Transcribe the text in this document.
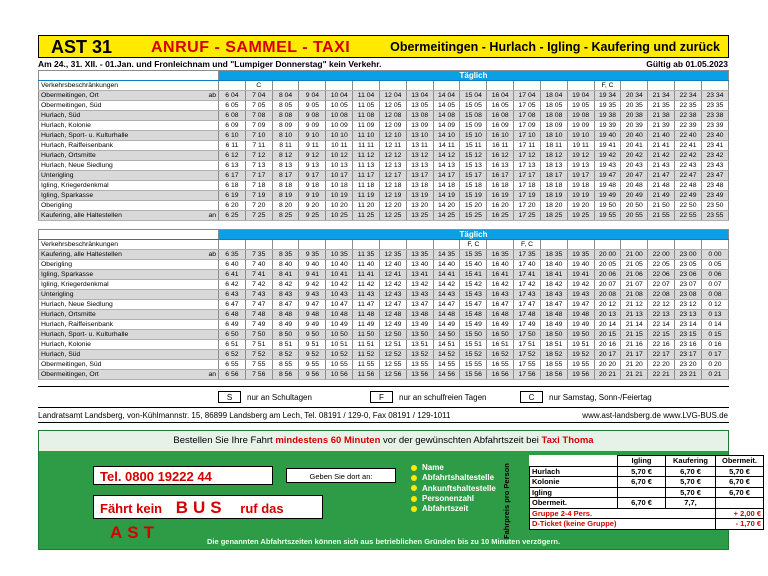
AST 31 ANRUF - SAMMEL - TAXI	Obermeitingen - Hurlach - Igling - Kaufering und zurück
Am 24., 31. XII. - 01.Jan. und Fronleichnam und "Lumpiger Donnerstag" kein Verkehr.	Gültig ab 01.05.2023
		Täglich																		
Verkehrsbeschränkungen			C													F, C				
Obermeitingen, Ort	ab	6 04	7 04	8 04	9 04	10 04	11 04	12 04	13 04	14 04	15 04	16 04	17 04	18 04	19 04	19 34	20 34	21 34	22 34	23 34
Obermeitingen, Süd		6 05	7 05	8 05	9 05	10 05	11 05	12 05	13 05	14 05	15 05	16 05	17 05	18 05	19 05	19 35	20 35	21 35	22 35	23 35
Hurlach, Süd		6 08	7 08	8 08	9 08	10 08	11 08	12 08	13 08	14 08	15 08	16 08	17 08	18 08	19 08	19 38	20 38	21 38	22 38	23 38
Hurlach, Kolonie		6 09	7 09	8 09	9 09	10 09	11 09	12 09	13 09	14 09	15 09	16 09	17 09	18 09	19 09	19 39	20 39	21 39	22 39	23 39
Hurlach, Sport- u. Kulturhalle		6 10	7 10	8 10	9 10	10 10	11 10	12 10	13 10	14 10	15 10	16 10	17 10	18 10	19 10	19 40	20 40	21 40	22 40	23 40
Hurlach, Raiffeisenbank		6 11	7 11	8 11	9 11	10 11	11 11	12 11	13 11	14 11	15 11	16 11	17 11	18 11	19 11	19 41	20 41	21 41	22 41	23 41
Hurlach, Ortsmitte		6 12	7 12	8 12	9 12	10 12	11 12	12 12	13 12	14 12	15 12	16 12	17 12	18 12	19 12	19 42	20 42	21 42	22 42	23 42
Hurlach, Neue Siedlung		6 13	7 13	8 13	9 13	10 13	11 13	12 13	13 13	14 13	15 13	16 13	17 13	18 13	19 13	19 43	20 43	21 43	22 43	23 43
Unterigling		6 17	7 17	8 17	9 17	10 17	11 17	12 17	13 17	14 17	15 17	16 17	17 17	18 17	19 17	19 47	20 47	21 47	22 47	23 47
Igling, Kriegerdenkmal		6 18	7 18	8 18	9 18	10 18	11 18	12 18	13 18	14 18	15 18	16 18	17 18	18 18	19 18	19 48	20 48	21 48	22 48	23 48
Igling, Sparkasse		6 19	7 19	8 19	9 19	10 19	11 19	12 19	13 19	14 19	15 19	16 19	17 19	18 19	19 19	19 49	20 49	21 49	22 49	23 49
Oberigling		6 20	7 20	8 20	9 20	10 20	11 20	12 20	13 20	14 20	15 20	16 20	17 20	18 20	19 20	19 50	20 50	21 50	22 50	23 50
Kaufering, alle Haltestellen	an	6 25	7 25	8 25	9 25	10 25	11 25	12 25	13 25	14 25	15 25	16 25	17 25	18 25	19 25	19 55	20 55	21 55	22 55	23 55
		Täglich																		
Verkehrsbeschränkungen											F, C		F, C							
Kaufering, alle Haltestellen	ab	6 35	7 35	8 35	9 35	10 35	11 35	12 35	13 35	14 35	15 35	16 35	17 35	18 35	19 35	20 00	21 00	22 00	23 00	0 00
Oberigling		6 40	7 40	8 40	9 40	10 40	11 40	12 40	13 40	14 40	15 40	16 40	17 40	18 40	19 40	20 05	21 05	22 05	23 05	0 05
Igling, Sparkasse		6 41	7 41	8 41	9 41	10 41	11 41	12 41	13 41	14 41	15 41	16 41	17 41	18 41	19 41	20 06	21 06	22 06	23 06	0 06
Igling, Kriegerdenkmal		6 42	7 42	8 42	9 42	10 42	11 42	12 42	13 42	14 42	15 42	16 42	17 42	18 42	19 42	20 07	21 07	22 07	23 07	0 07
Unterigling		6 43	7 43	8 43	9 43	10 43	11 43	12 43	13 43	14 43	15 43	16 43	17 43	18 43	19 43	20 08	21 08	22 08	23 08	0 08
Hurlach, Neue Siedlung		6 47	7 47	8 47	9 47	10 47	11 47	12 47	13 47	14 47	15 47	16 47	17 47	18 47	19 47	20 12	21 12	22 12	23 12	0 12
Hurlach, Ortsmitte		6 48	7 48	8 48	9 48	10 48	11 48	12 48	13 48	14 48	15 48	16 48	17 48	18 48	19 48	20 13	21 13	22 13	23 13	0 13
Hurlach, Raiffeisenbank		6 49	7 49	8 49	9 49	10 49	11 49	12 49	13 49	14 49	15 49	16 49	17 49	18 49	19 49	20 14	21 14	22 14	23 14	0 14
Hurlach, Sport- u. Kulturhalle		6 50	7 50	8 50	9 50	10 50	11 50	12 50	13 50	14 50	15 50	16 50	17 50	18 50	19 50	20 15	21 15	22 15	23 15	0 15
Hurlach, Kolonie		6 51	7 51	8 51	9 51	10 51	11 51	12 51	13 51	14 51	15 51	16 51	17 51	18 51	19 51	20 16	21 16	22 16	23 16	0 16
Hurlach, Süd		6 52	7 52	8 52	9 52	10 52	11 52	12 52	13 52	14 52	15 52	16 52	17 52	18 52	19 52	20 17	21 17	22 17	23 17	0 17
Obermeitingen, Süd		6 55	7 55	8 55	9 55	10 55	11 55	12 55	13 55	14 55	15 55	16 55	17 55	18 55	19 55	20 20	21 20	22 20	23 20	0 20
Obermeitingen, Ort	an	6 56	7 56	8 56	9 56	10 56	11 56	12 56	13 56	14 56	15 56	16 56	17 56	18 56	19 56	20 21	21 21	22 21	23 21	0 21
S nur an Schultagen	F nur an schulfreien Tagen	C nur Samstag, Sonn-/Feiertag
Landratsamt Landsberg, von-Kühlmannstr. 15, 86899 Landsberg am Lech, Tel. 08191 / 129-0, Fax 08191 / 129-1011	www.ast-landsberg.de www.LVG-BUS.de
Bestellen Sie Ihre Fahrt mindestens 60 Minuten vor der gewünschten Abfahrtszeit bei Taxi Thoma
Tel. 0800 19222 44	Geben Sie dort an:
Name
Abfahrtshaltestelle
Ankunftshaltestelle
Personenzahl
Abfahrtszeit
Fährt kein BUS ruf das AST	Fahrpreis pro Person
	Igling	Kaufering	Obermeit.
Hurlach	5,70 €	6,70 €	5,70 €
Kolonie	6,70 €	5,70 €	6,70 €
Igling		5,70 €	6,70 €
Obermeit.	6,70 €	7,7,	
Gruppe 2-4 Pers.			+ 2,00 €
D-Ticket (keine Gruppe)			- 1,70 €
Die genannten Abfahrtszeiten können sich aus betrieblichen Gründen bis zu 10 Minuten verzögern.
